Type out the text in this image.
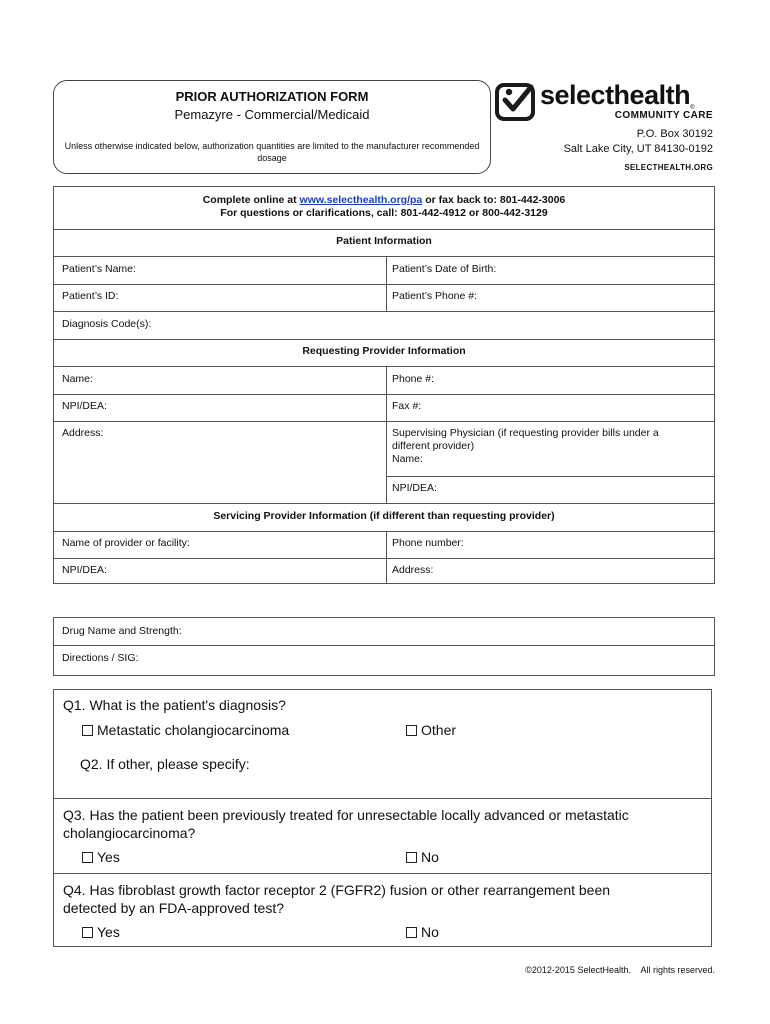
PRIOR AUTHORIZATION FORM
Pemazyre - Commercial/Medicaid
Unless otherwise indicated below, authorization quantities are limited to the manufacturer recommended dosage
selecthealth®
COMMUNITY CARE
P.O. Box 30192
Salt Lake City, UT 84130-0192
SELECTHEALTH.ORG
Complete online at www.selecthealth.org/pa or fax back to: 801-442-3006
For questions or clarifications, call: 801-442-4912 or 800-442-3129
Patient Information
Patient’s Name:	Patient’s Date of Birth:
Patient’s ID:	Patient’s Phone #:
Diagnosis Code(s):
Requesting Provider Information
Name:	Phone #:
NPI/DEA:	Fax #:
Address:	Supervising Physician (if requesting provider bills under a
different provider)
Name:
NPI/DEA:
Servicing Provider Information (if different than requesting provider)
Name of provider or facility:	Phone number:
NPI/DEA:	Address:
Drug Name and Strength:
Directions / SIG:
Q1. What is the patient's diagnosis?
Metastatic cholangiocarcinoma	Other
Q2. If other, please specify:
Q3. Has the patient been previously treated for unresectable locally advanced or metastatic
cholangiocarcinoma?
Yes	No
Q4. Has fibroblast growth factor receptor 2 (FGFR2) fusion or other rearrangement been
detected by an FDA-approved test?
Yes	No
©2012-2015 SelectHealth.    All rights reserved.
